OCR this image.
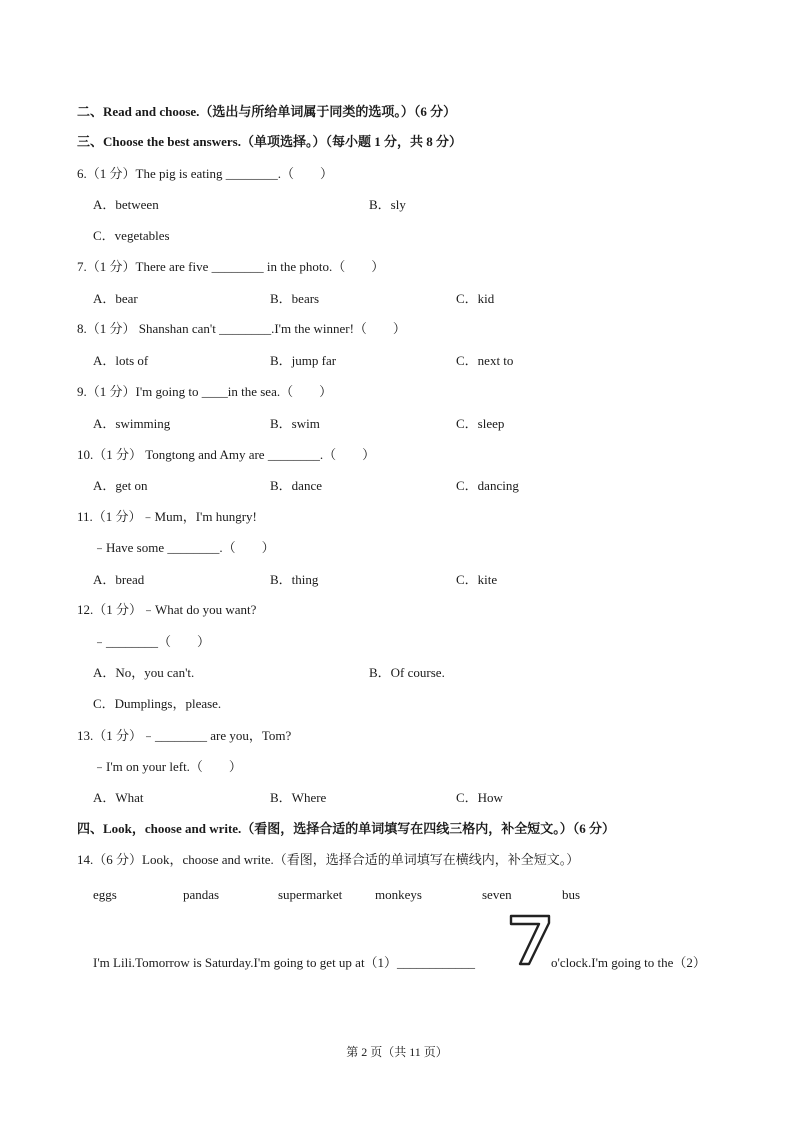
二、Read and choose.（选出与所给单词属于同类的选项。）（6 分）
三、Choose the best answers.（单项选择。）（每小题 1 分，共 8 分）
6.（1 分）The pig is eating ________.（　　）
A．between	B．sly
C．vegetables
7.（1 分）There are five ________ in the photo.（　　）
A．bear	B．bears	C．kid
8.（1 分） Shanshan can't ________.I'm the winner!（　　）
A．lots of	B．jump far	C．next to
9.（1 分）I'm going to ____in the sea.（　　）
A．swimming	B．swim	C．sleep
10.（1 分） Tongtong and Amy are ________.（　　）
A．get on	B．dance	C．dancing
11.（1 分）﹣Mum，I'm hungry!
﹣Have some ________.（　　）
A．bread	B．thing	C．kite
12.（1 分）﹣What do you want?
﹣________（　　）
A．No，you can't.	B．Of course.
C．Dumplings，please.
13.（1 分）﹣________ are you，Tom?
﹣I'm on your left.（　　）
A．What	B．Where	C．How
四、Look，choose and write.（看图，选择合适的单词填写在四线三格内，补全短文。）（6 分）
14.（6 分）Look，choose and write.（看图，选择合适的单词填写在横线内，补全短文。）
eggs	pandas	supermarket	monkeys	seven	bus
I'm Lili.Tomorrow is Saturday.I'm going to get up at（1）____________	o'clock.I'm going to the（2）
第 2 页（共 11 页）
